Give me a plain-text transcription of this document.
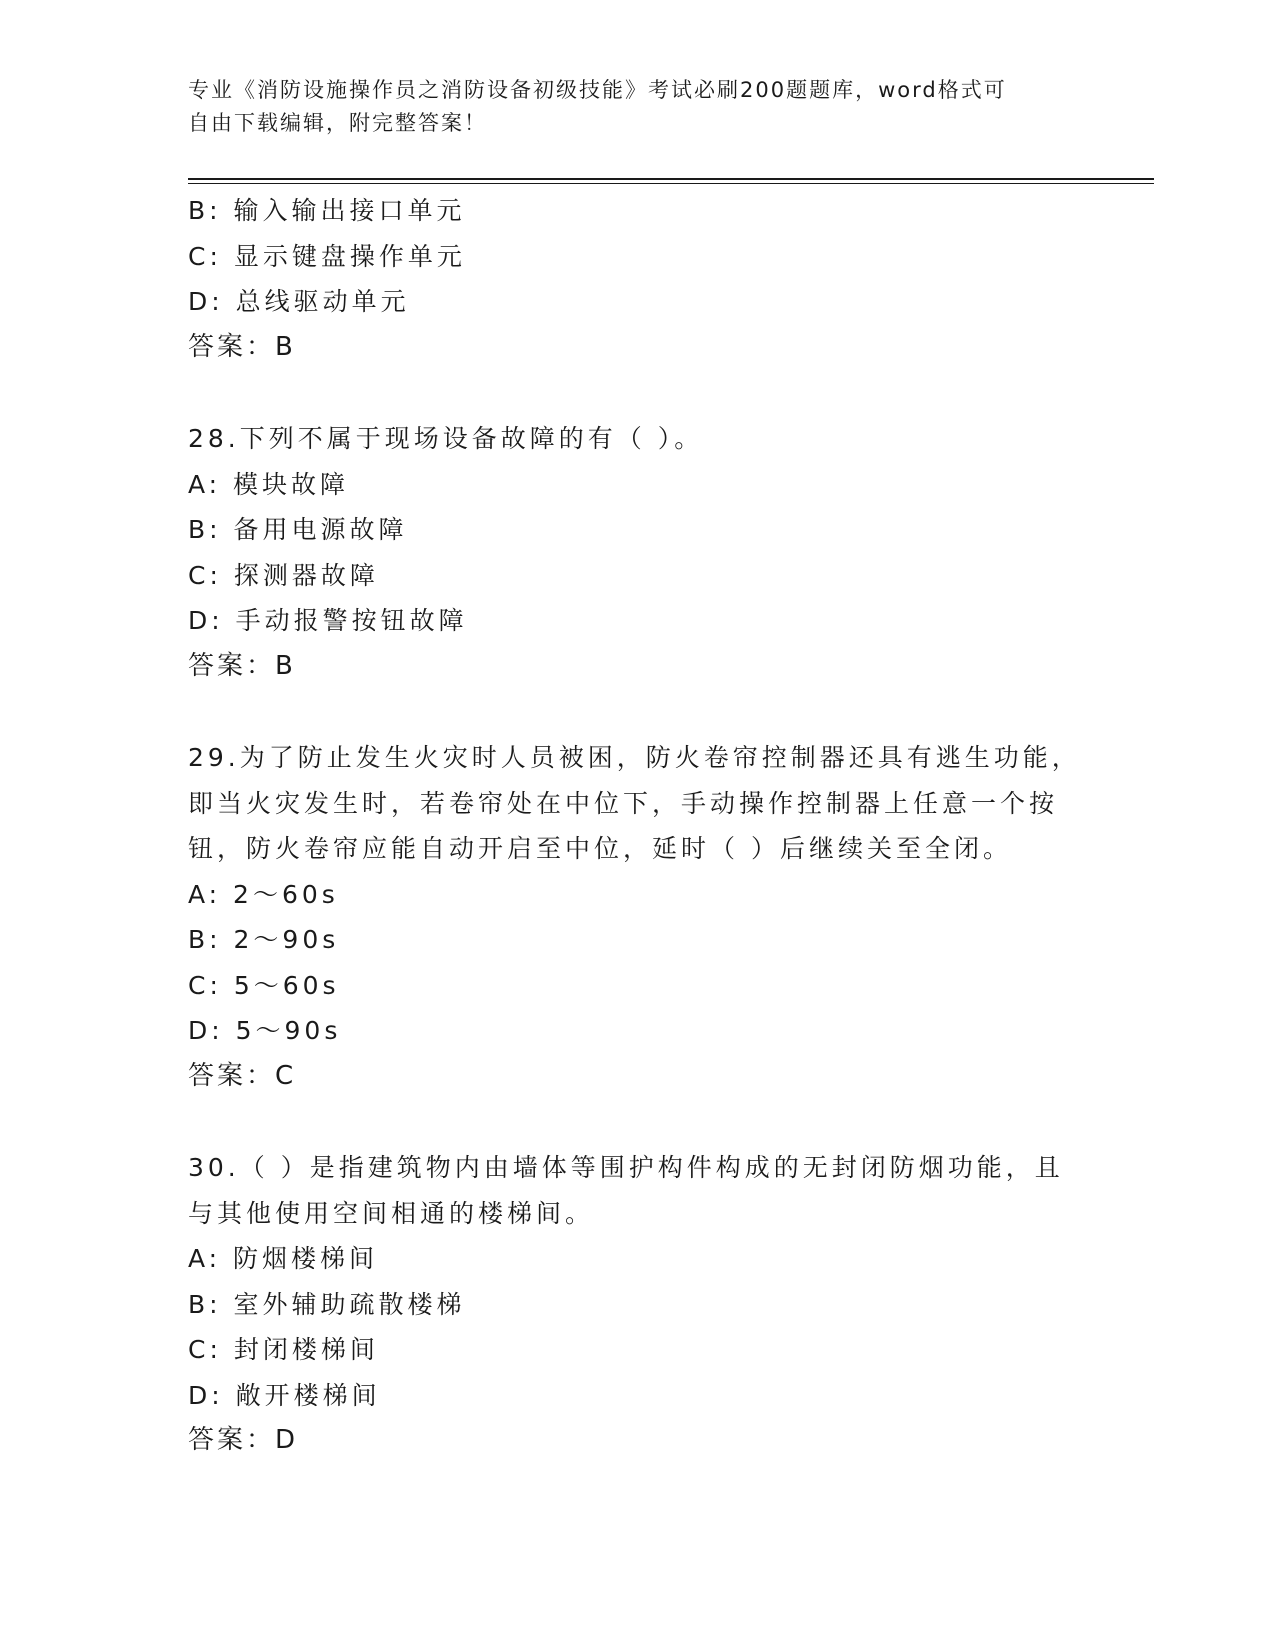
专业《消防设施操作员之消防设备初级技能》考试必刷200题题库，word格式可
自由下载编辑，附完整答案！
B: 输入输出接口单元
C: 显示键盘操作单元
D: 总线驱动单元
答案：B
28.下列不属于现场设备故障的有（ ）。
A: 模块故障
B: 备用电源故障
C: 探测器故障
D: 手动报警按钮故障
答案：B
29.为了防止发生火灾时人员被困，防火卷帘控制器还具有逃生功能，
即当火灾发生时，若卷帘处在中位下，手动操作控制器上任意一个按
钮，防火卷帘应能自动开启至中位，延时（ ）后继续关至全闭。
A: 2～60s
B: 2～90s
C: 5～60s
D: 5～90s
答案：C
30.（ ）是指建筑物内由墙体等围护构件构成的无封闭防烟功能，且
与其他使用空间相通的楼梯间。
A: 防烟楼梯间
B: 室外辅助疏散楼梯
C: 封闭楼梯间
D: 敞开楼梯间
答案：D
